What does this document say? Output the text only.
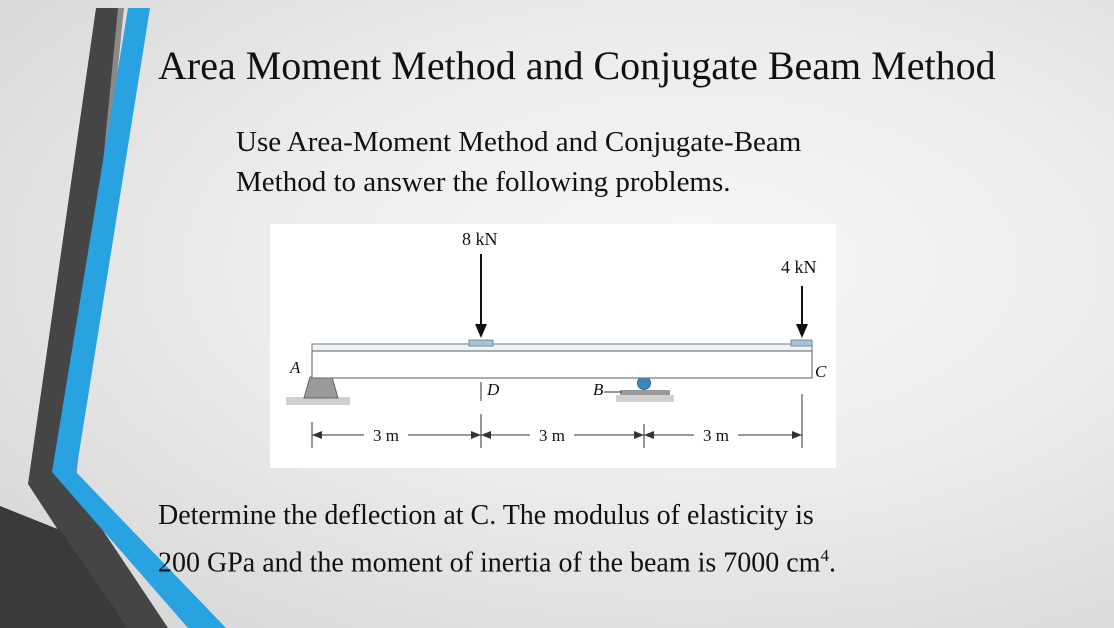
Area Moment Method and Conjugate Beam Method

Use Area-Moment Method and Conjugate-Beam
Method to answer the following problems.

8 kN
4 kN
A
D	B
C
3 m	3 m	3 m

Determine the deflection at C. The modulus of elasticity is
200 GPa and the moment of inertia of the beam is 7000 $cm^4$.
